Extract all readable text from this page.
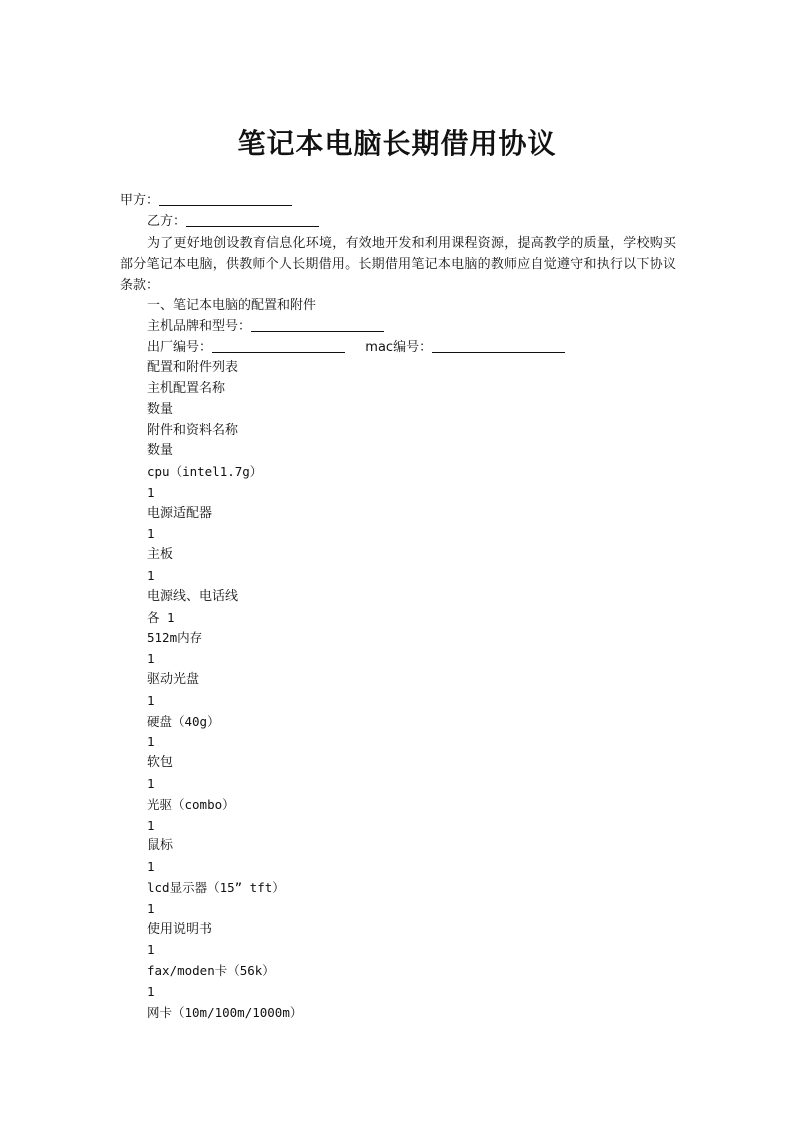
笔记本电脑长期借用协议
甲方：
乙方：
为了更好地创设教育信息化环境，有效地开发和利用课程资源，提高教学的质量，学校购买部分笔记本电脑，供教师个人长期借用。长期借用笔记本电脑的教师应自觉遵守和执行以下协议条款：
一、笔记本电脑的配置和附件
主机品牌和型号：
出厂编号：	mac编号：
配置和附件列表
主机配置名称
数量
附件和资料名称
数量
cpu（intel1.7g）
1
电源适配器
1
主板
1
电源线、电话线
各 1
512m内存
1
驱动光盘
1
硬盘（40g）
1
软包
1
光驱（combo）
1
鼠标
1
lcd显示器（15” tft）
1
使用说明书
1
fax/moden卡（56k）
1
网卡（10m/100m/1000m）
